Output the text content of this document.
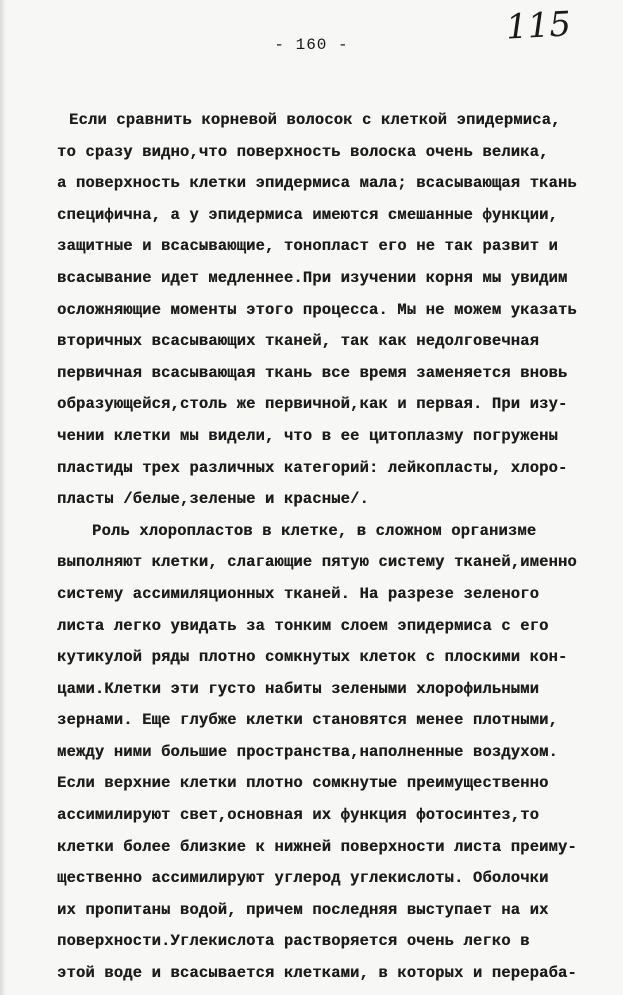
115
- 160 -
Если сравнить корневой волосок с клеткой эпидермиса,
то сразу видно,что поверхность волоска очень велика,
а поверхность клетки эпидермиса мала; всасывающая ткань
специфична, а у эпидермиса имеются смешанные функции,
защитные и всасывающие, тонопласт его не так развит и
всасывание идет медленнее.При изучении корня мы увидим
осложняющие моменты этого процесса. Мы не можем указать
вторичных всасывающих тканей, так как недолговечная
первичная всасывающая ткань все время заменяется вновь
образующейся,столь же первичной,как и первая. При изу-
чении клетки мы видели, что в ее цитоплазму погружены
пластиды трех различных категорий: лейкопласты, хлоро-
пласты /белые,зеленые и красные/.
Роль хлоропластов в клетке, в сложном организме
выполняют клетки, слагающие пятую систему тканей,именно
систему ассимиляционных тканей. На разрезе зеленого
листа легко увидать за тонким слоем эпидермиса с его
кутикулой ряды плотно сомкнутых клеток с плоскими кон-
цами.Клетки эти густо набиты зелеными хлорофильными
зернами. Еще глубже клетки становятся менее плотными,
между ними большие пространства,наполненные воздухом.
Если верхние клетки плотно сомкнутые преимущественно
ассимилируют свет,основная их функция фотосинтез,то
клетки более близкие к нижней поверхности листа преиму-
щественно ассимилируют углерод углекислоты. Оболочки
их пропитаны водой, причем последняя выступает на их
поверхности.Углекислота растворяется очень легко в
этой воде и всасывается клетками, в которых и перераба-
